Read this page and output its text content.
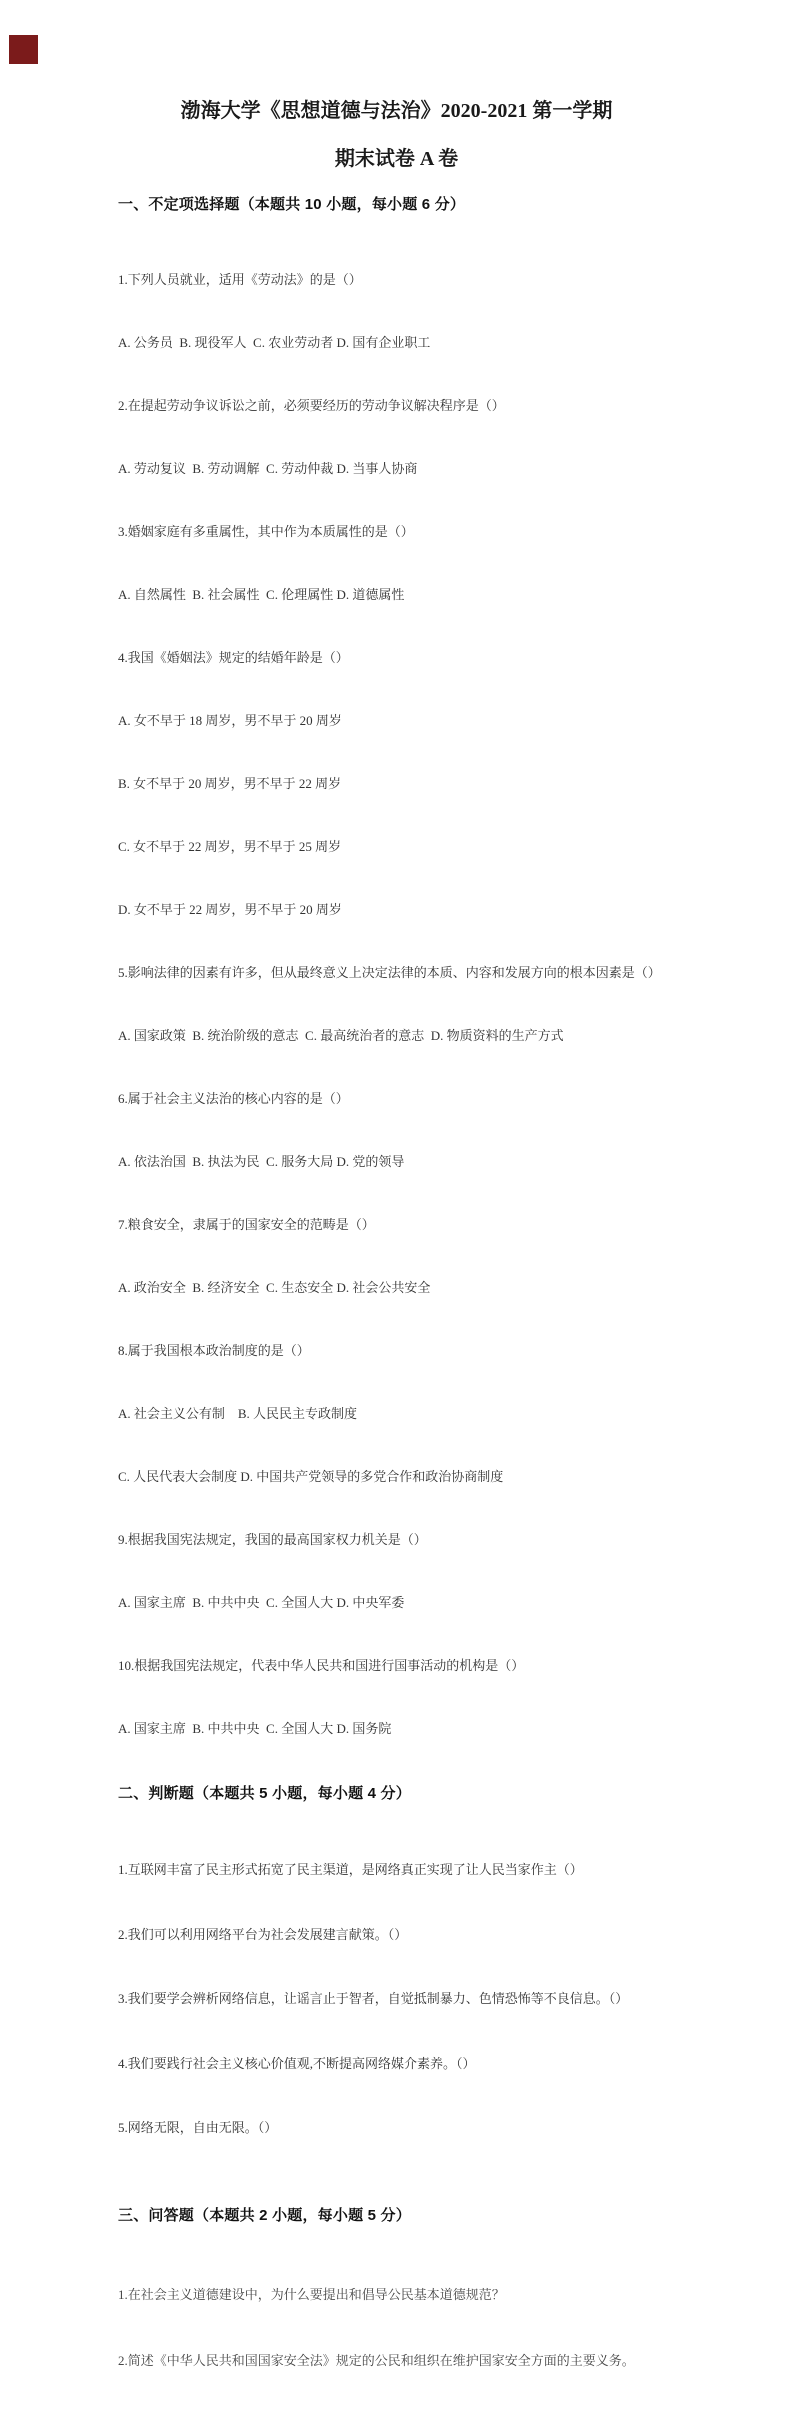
渤海大学《思想道德与法治》2020-2021 第一学期
期末试卷 A 卷
一、不定项选择题（本题共 10 小题，每小题 6 分）

1.下列人员就业，适用《劳动法》的是（）

A. 公务员  B. 现役军人  C. 农业劳动者 D. 国有企业职工

2.在提起劳动争议诉讼之前，必须要经历的劳动争议解决程序是（）

A. 劳动复议  B. 劳动调解  C. 劳动仲裁 D. 当事人协商

3.婚姻家庭有多重属性，其中作为本质属性的是（）

A. 自然属性  B. 社会属性  C. 伦理属性 D. 道德属性

4.我国《婚姻法》规定的结婚年龄是（）

A. 女不早于 18 周岁，男不早于 20 周岁

B. 女不早于 20 周岁，男不早于 22 周岁

C. 女不早于 22 周岁，男不早于 25 周岁

D. 女不早于 22 周岁，男不早于 20 周岁

5.影响法律的因素有许多，但从最终意义上决定法律的本质、内容和发展方向的根本因素是（）

A. 国家政策  B. 统治阶级的意志  C. 最高统治者的意志  D. 物质资料的生产方式

6.属于社会主义法治的核心内容的是（）

A. 依法治国  B. 执法为民  C. 服务大局 D. 党的领导

7.粮食安全，隶属于的国家安全的范畴是（）

A. 政治安全  B. 经济安全  C. 生态安全 D. 社会公共安全

8.属于我国根本政治制度的是（）

A. 社会主义公有制    B. 人民民主专政制度

C. 人民代表大会制度 D. 中国共产党领导的多党合作和政治协商制度

9.根据我国宪法规定，我国的最高国家权力机关是（）

A. 国家主席  B. 中共中央  C. 全国人大 D. 中央军委

10.根据我国宪法规定，代表中华人民共和国进行国事活动的机构是（）

A. 国家主席  B. 中共中央  C. 全国人大 D. 国务院

二、判断题（本题共 5 小题，每小题 4 分）

1.互联网丰富了民主形式拓宽了民主渠道，是网络真正实现了让人民当家作主（）

2.我们可以利用网络平台为社会发展建言献策。（）

3.我们要学会辨析网络信息，让谣言止于智者，自觉抵制暴力、色情恐怖等不良信息。（）

4.我们要践行社会主义核心价值观,不断提高网络媒介素养。（）

5.网络无限，自由无限。（）

三、问答题（本题共 2 小题，每小题 5 分）

1.在社会主义道德建设中，为什么要提出和倡导公民基本道德规范？

2.简述《中华人民共和国国家安全法》规定的公民和组织在维护国家安全方面的主要义务。
